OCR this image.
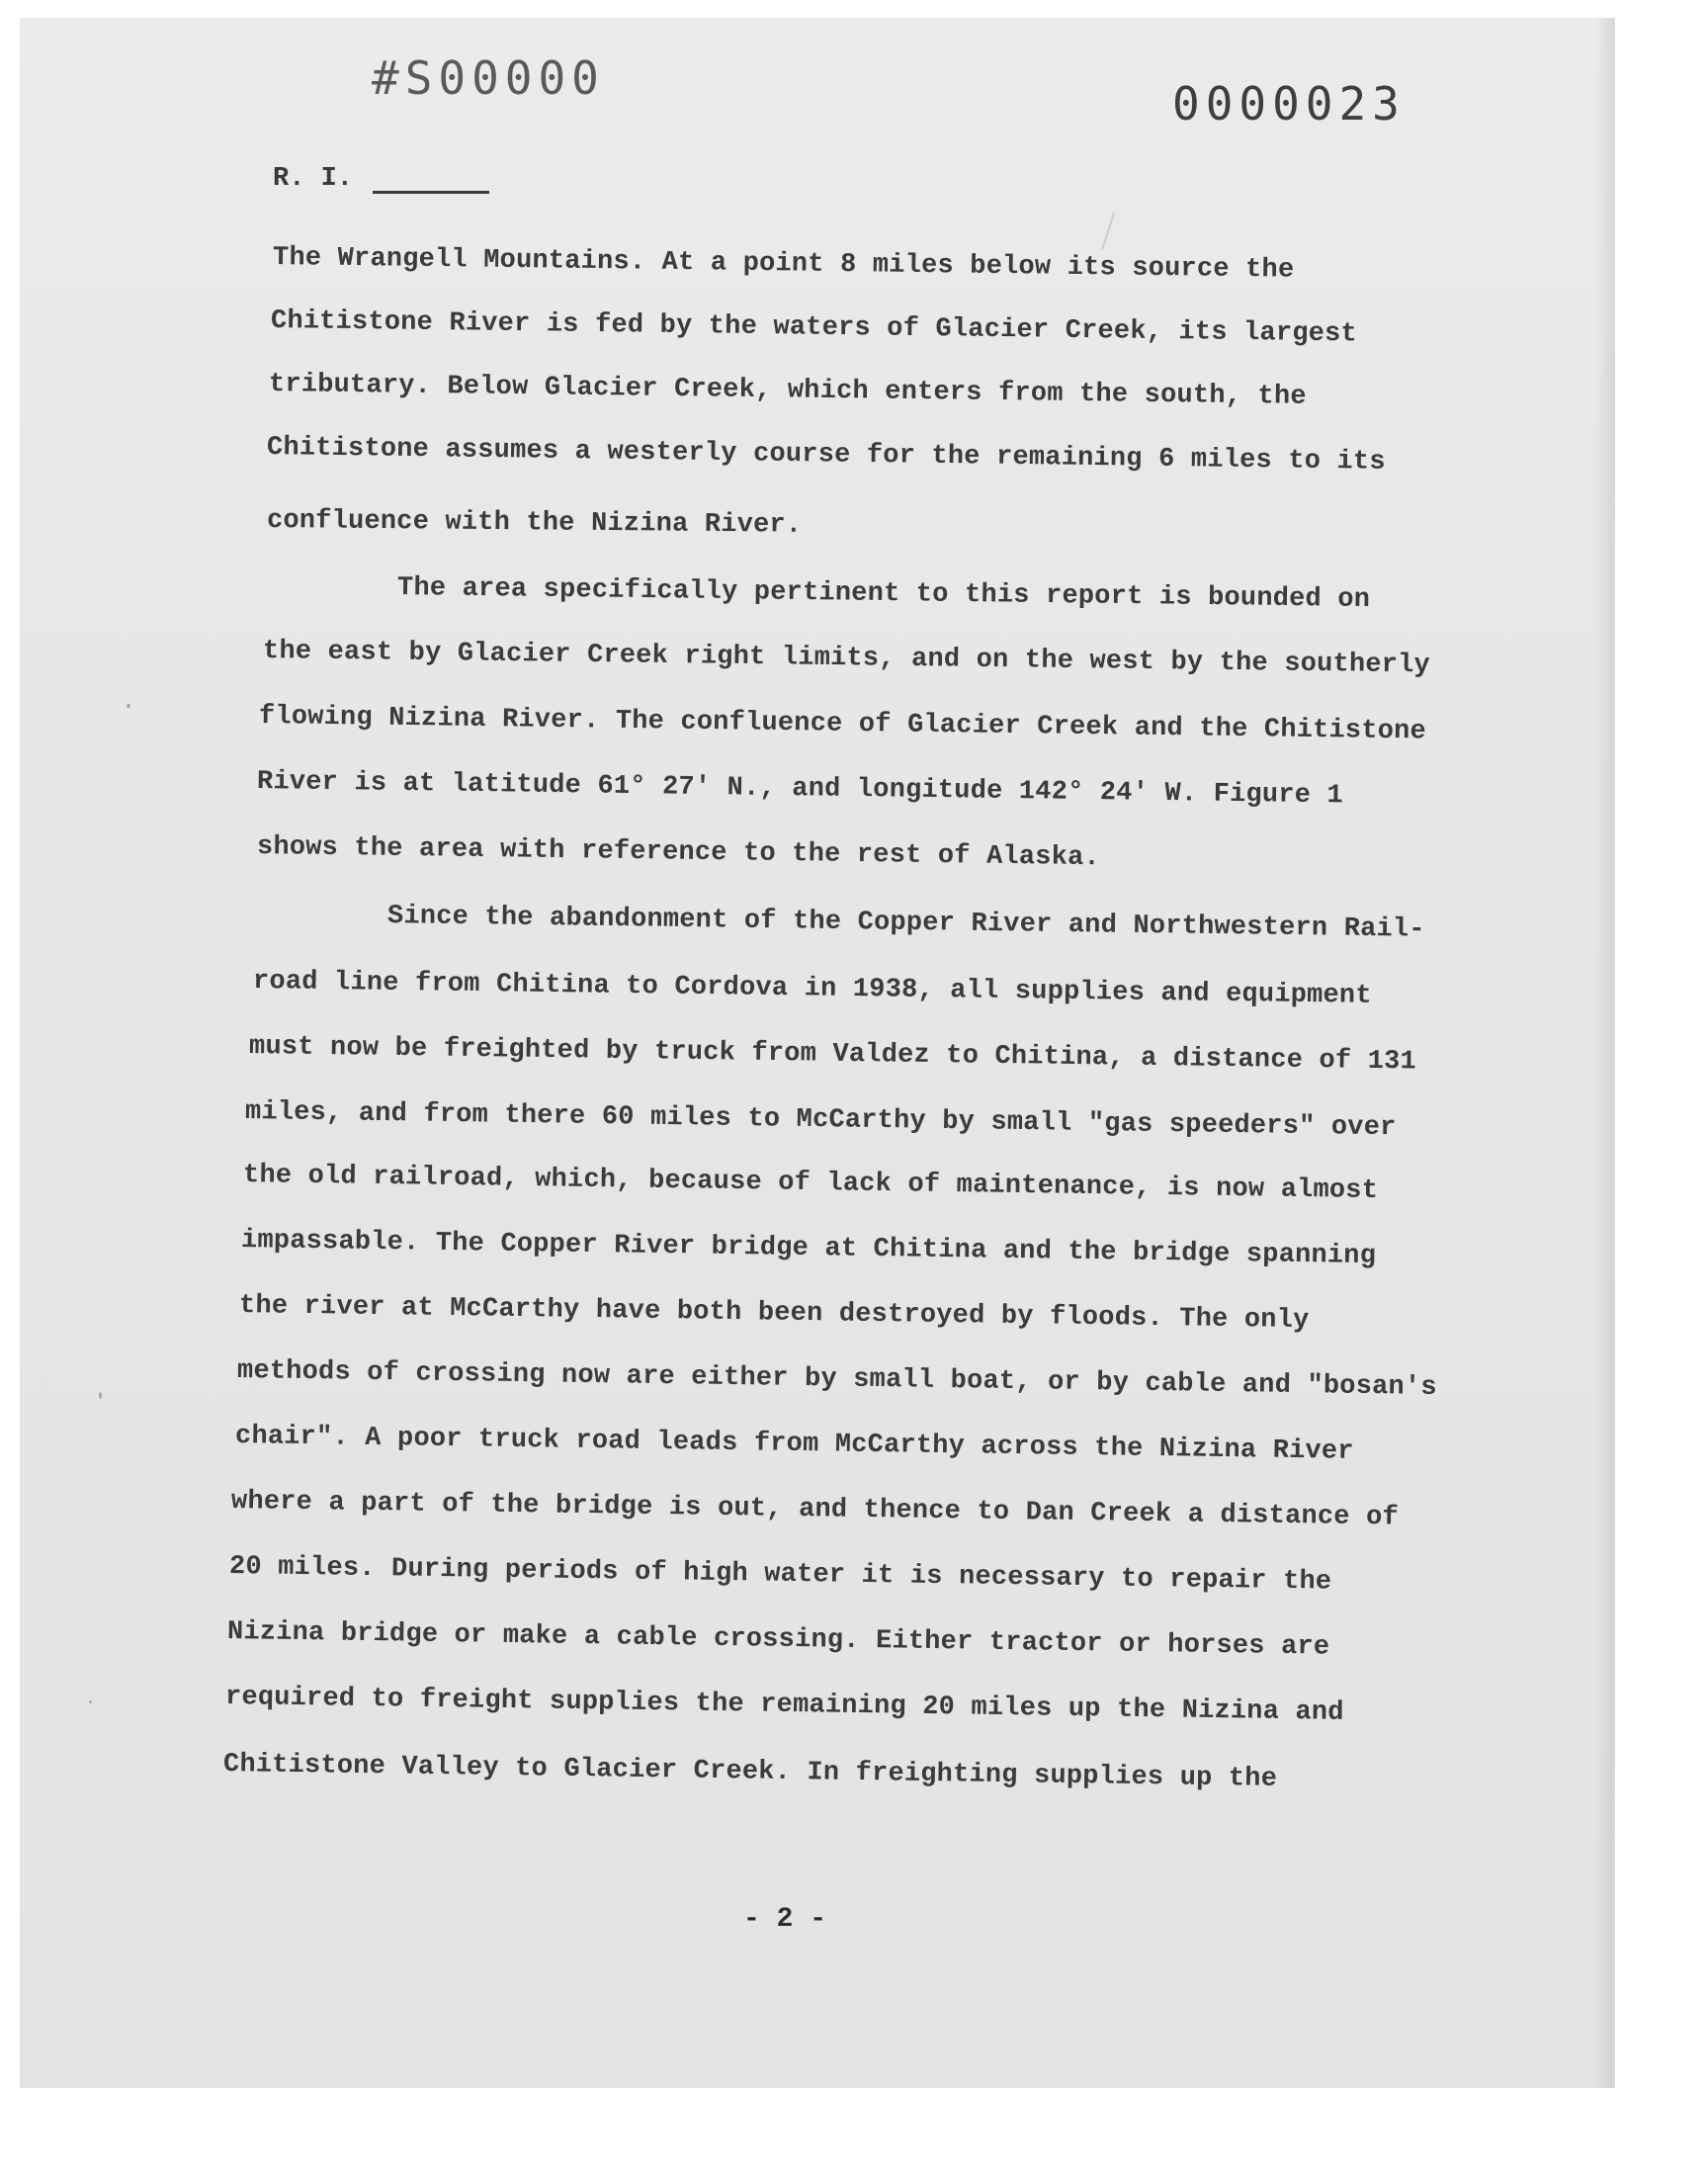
#S00000	0000023
R. I.
The Wrangell Mountains. At a point 8 miles below its source the
Chitistone River is fed by the waters of Glacier Creek, its largest
tributary. Below Glacier Creek, which enters from the south, the
Chitistone assumes a westerly course for the remaining 6 miles to its
confluence with the Nizina River.
The area specifically pertinent to this report is bounded on
the east by Glacier Creek right limits, and on the west by the southerly
flowing Nizina River. The confluence of Glacier Creek and the Chitistone
River is at latitude 61° 27' N., and longitude 142° 24' W. Figure 1
shows the area with reference to the rest of Alaska.
Since the abandonment of the Copper River and Northwestern Rail-
road line from Chitina to Cordova in 1938, all supplies and equipment
must now be freighted by truck from Valdez to Chitina, a distance of 131
miles, and from there 60 miles to McCarthy by small "gas speeders" over
the old railroad, which, because of lack of maintenance, is now almost
impassable. The Copper River bridge at Chitina and the bridge spanning
the river at McCarthy have both been destroyed by floods. The only
methods of crossing now are either by small boat, or by cable and "bosan's
chair". A poor truck road leads from McCarthy across the Nizina River
where a part of the bridge is out, and thence to Dan Creek a distance of
20 miles. During periods of high water it is necessary to repair the
Nizina bridge or make a cable crossing. Either tractor or horses are
required to freight supplies the remaining 20 miles up the Nizina and
Chitistone Valley to Glacier Creek. In freighting supplies up the
- 2 -
